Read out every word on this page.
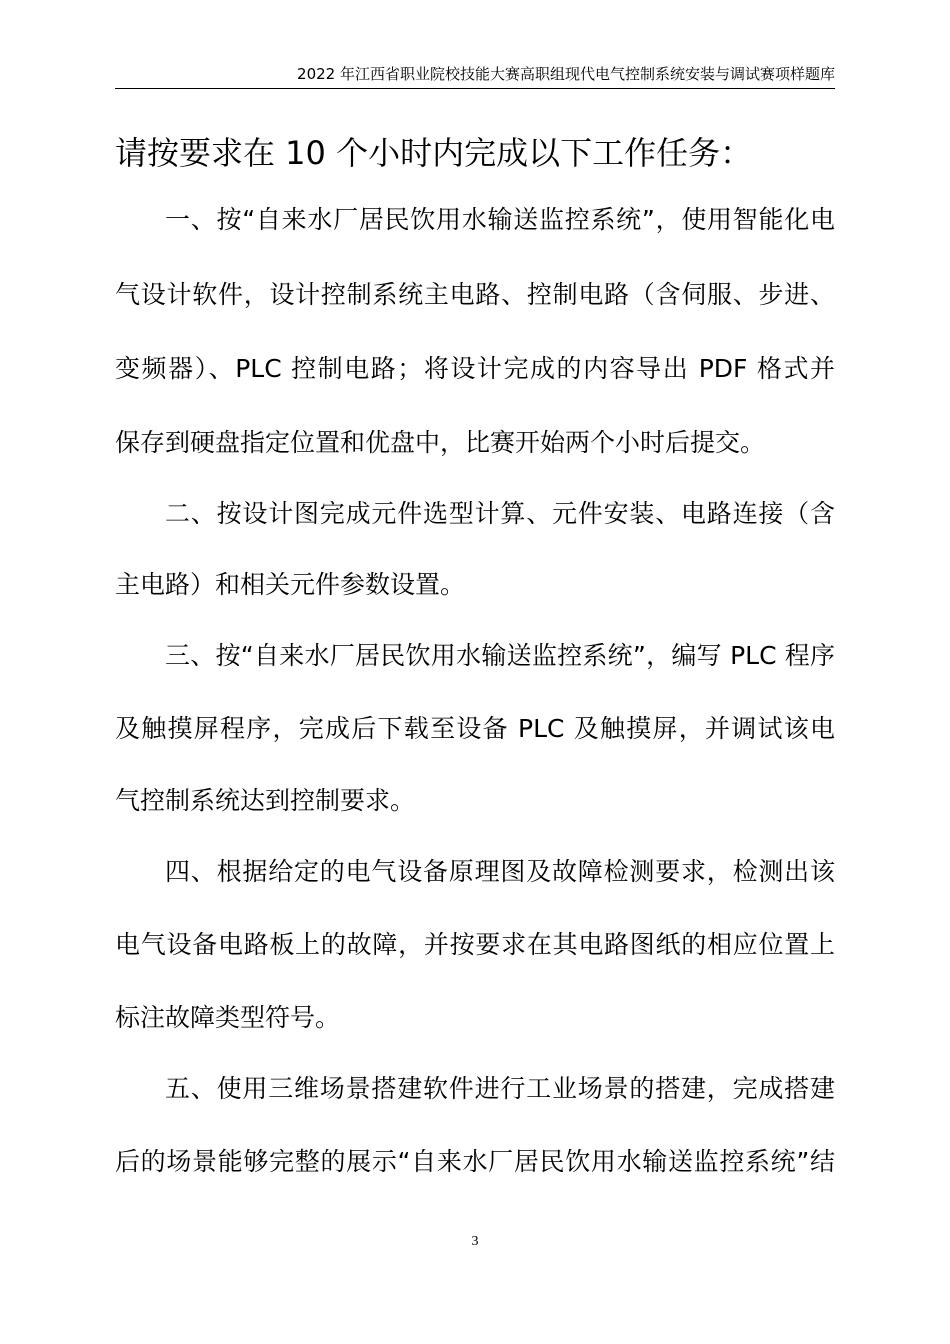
2022 年江西省职业院校技能大赛高职组现代电气控制系统安装与调试赛项样题库
请按要求在 10 个小时内完成以下工作任务：
一、按“自来水厂居民饮用水输送监控系统”，使用智能化电
气设计软件，设计控制系统主电路、控制电路（含伺服、步进、
变频器）、PLC 控制电路；将设计完成的内容导出 PDF 格式并
保存到硬盘指定位置和优盘中，比赛开始两个小时后提交。
二、按设计图完成元件选型计算、元件安装、电路连接（含
主电路）和相关元件参数设置。
三、按“自来水厂居民饮用水输送监控系统”，编写 PLC 程序
及触摸屏程序，完成后下载至设备 PLC 及触摸屏，并调试该电
气控制系统达到控制要求。
四、根据给定的电气设备原理图及故障检测要求，检测出该
电气设备电路板上的故障，并按要求在其电路图纸的相应位置上
标注故障类型符号。
五、使用三维场景搭建软件进行工业场景的搭建，完成搭建
后的场景能够完整的展示“自来水厂居民饮用水输送监控系统”结
3
